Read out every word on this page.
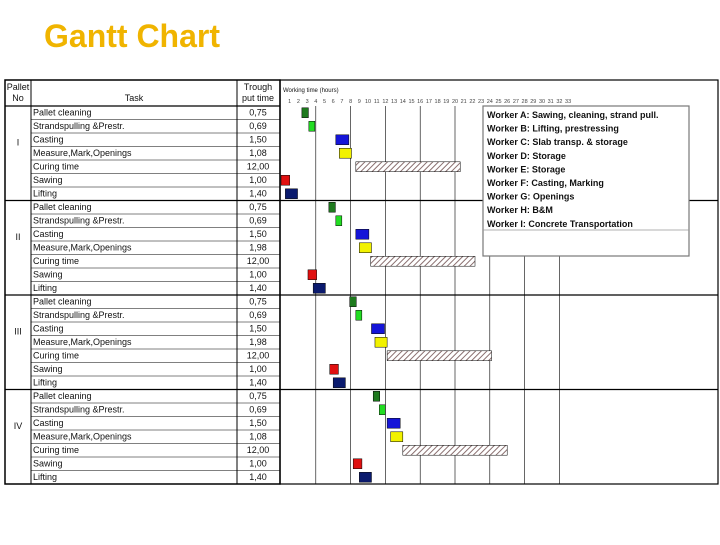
Gantt Chart
Pallet
No	Task
Trough
put time
Working time (hours)
1 2 3 4 5 6 7 8 9 10 11 12 13 14 15 16 17 18 19 20 21 22 23 24 25 26 27 28 29 30 31 32 33
Pallet cleaning	0,75
Strandspulling &Prestr.	0,69
Casting	1,50
Measure,Mark,Openings	1,08
Curing time	12,00
Sawing	1,00
Lifting	1,40
I
Pallet cleaning	0,75
Strandspulling &Prestr.	0,69
Casting	1,50
Measure,Mark,Openings	1,98
Curing time	12,00
Sawing	1,00
Lifting	1,40
II
Pallet cleaning	0,75
Strandspulling &Prestr.	0,69
Casting	1,50
Measure,Mark,Openings	1,98
Curing time	12,00
Sawing	1,00
Lifting	1,40
III
Pallet cleaning	0,75
Strandspulling &Prestr.	0,69
Casting	1,50
Measure,Mark,Openings	1,08
Curing time	12,00
Sawing	1,00
Lifting	1,40
IV
Worker A: Sawing, cleaning, strand pull.
Worker B: Lifting, prestressing
Worker C: Slab transp. & storage
Worker D: Storage
Worker E: Storage
Worker F: Casting, Marking
Worker G: Openings
Worker H: B&M
Worker I: Concrete Transportation
